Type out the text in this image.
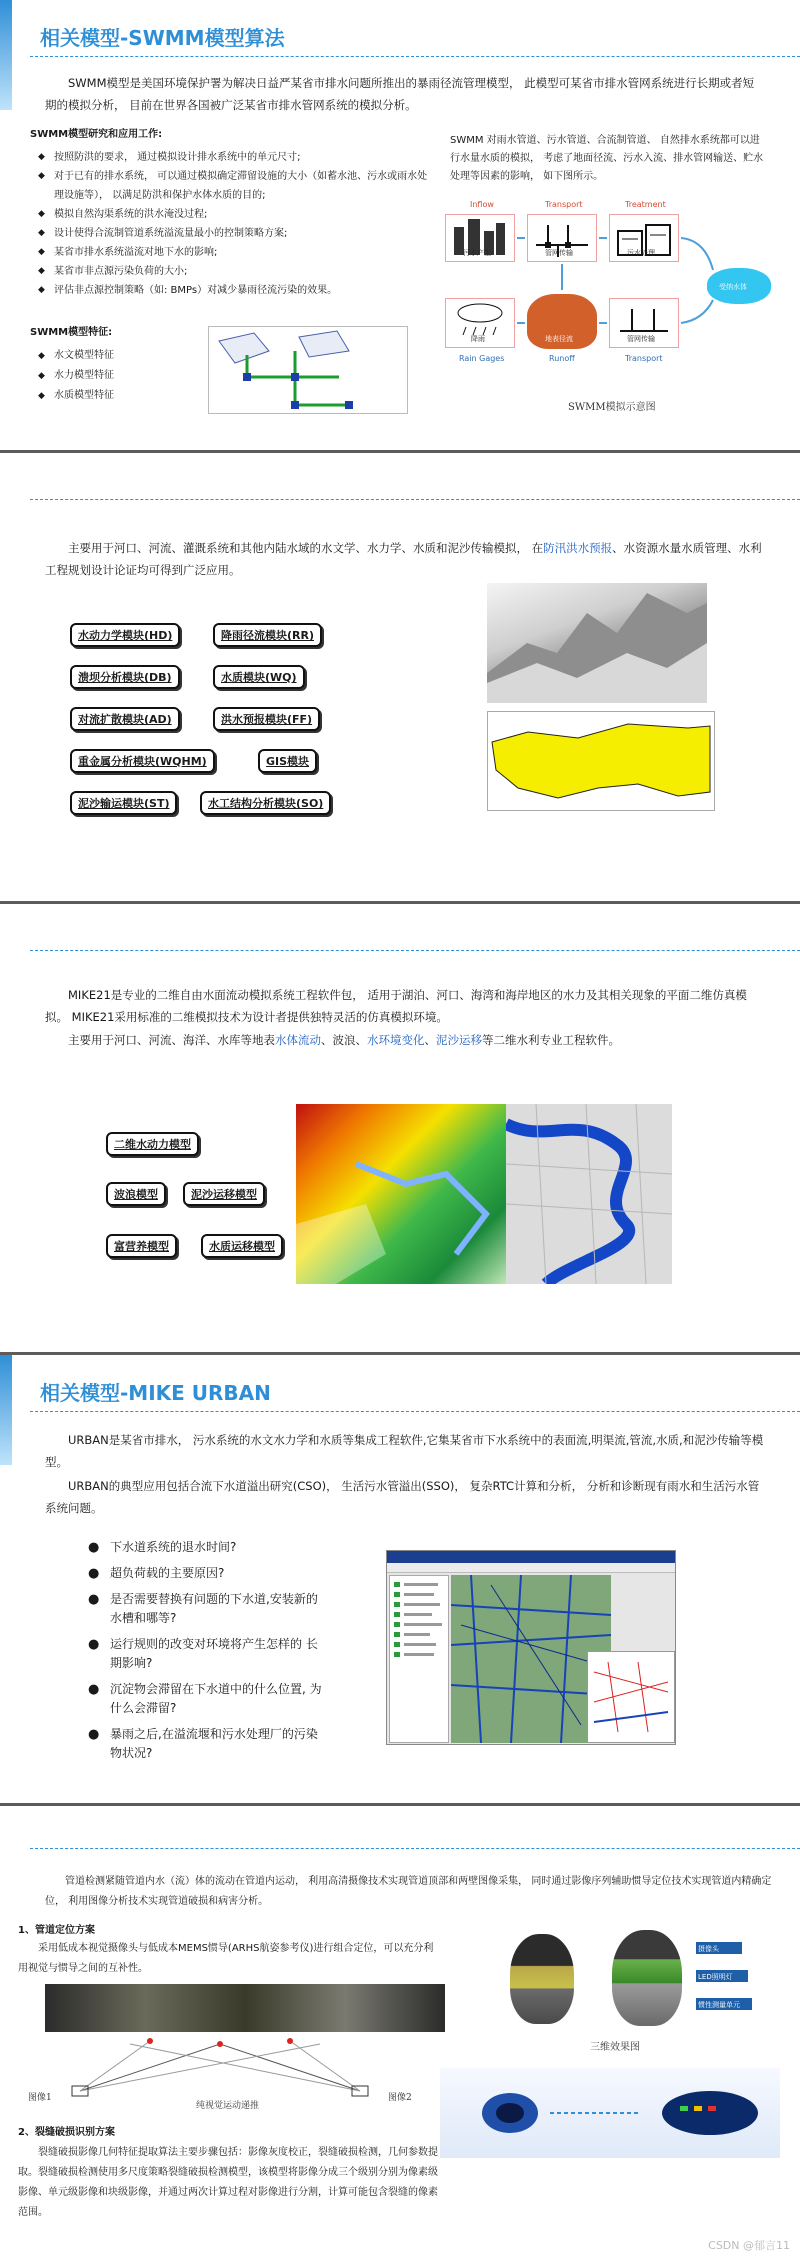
相关模型-SWMM模型算法
SWMM模型是美国环境保护署为解决日益严某省市排水问题所推出的暴雨径流管理模型， 此模型可某省市排水管网系统进行长期或者短期的模拟分析， 目前在世界各国被广泛某省市排水管网系统的模拟分析。
SWMM模型研究和应用工作:
◆ 按照防洪的要求， 通过模拟设计排水系统中的单元尺寸;
◆ 对于已有的排水系统， 可以通过模拟确定滞留设施的大小（如蓄水池、污水或雨水处理设施等）， 以满足防洪和保护水体水质的目的;
◆ 模拟自然沟渠系统的洪水淹没过程;
◆ 设计使得合流制管道系统溢流量最小的控制策略方案;
◆ 某省市排水系统溢流对地下水的影响;
◆ 某省市非点源污染负荷的大小;
◆ 评估非点源控制策略（如: BMPs）对减少暴雨径流污染的效果。
SWMM模型特征:
◆ 水文模型特征
◆ 水力模型特征
◆ 水质模型特征
SWMM 对雨水管道、污水管道、合流制管道、 自然排水系统都可以进行水量水质的模拟， 考虑了地面径流、污水入流、排水管网输送、贮水处理等因素的影响， 如下图所示。
Inflow	Transport	Treatment
污水产生	管网传输	污水处理
降雨	地表径流	管网传输
Rain Gages	Runoff	Transport
受纳水体
SWMM模拟示意图
主要用于河口、河流、灌溉系统和其他内陆水域的水文学、水力学、水质和泥沙传输模拟， 在防汛洪水预报、水资源水量水质管理、水利工程规划设计论证均可得到广泛应用。
水动力学模块(HD)	降雨径流模块(RR)
溃坝分析模块(DB)	水质模块(WQ)
对流扩散模块(AD)	洪水预报模块(FF)
重金属分析模块(WQHM)	GIS模块
泥沙输运模块(ST)	水工结构分析模块(SO)
MIKE21是专业的二维自由水面流动模拟系统工程软件包， 适用于湖泊、河口、海湾和海岸地区的水力及其相关现象的平面二维仿真模拟。 MIKE21采用标准的二维模拟技术为设计者提供独特灵活的仿真模拟环境。
主要用于河口、河流、海洋、水库等地表水体流动、波浪、水环境变化、泥沙运移等二维水利专业工程软件。
二维水动力模型
波浪模型	泥沙运移模型
富营养模型	水质运移模型
相关模型-MIKE URBAN
URBAN是某省市排水， 污水系统的水文水力学和水质等集成工程软件,它集某省市下水系统中的表面流,明渠流,管流,水质,和泥沙传输等模型。
URBAN的典型应用包括合流下水道溢出研究(CSO)， 生活污水管溢出(SSO)， 复杂RTC计算和分析， 分析和诊断现有雨水和生活污水管系统问题。
● 下水道系统的退水时间?
● 超负荷载的主要原因?
● 是否需要替换有问题的下水道,安装新的水槽和哪等?
● 运行规则的改变对环境将产生怎样的 长期影响?
● 沉淀物会滞留在下水道中的什么位置, 为什么会滞留?
● 暴雨之后,在溢流堰和污水处理厂的污染物状况?
管道检测紧随管道内水（流）体的流动在管道内运动， 利用高清摄像技术实现管道顶部和两壁图像采集， 同时通过影像序列辅助惯导定位技术实现管道内精确定位， 利用图像分析技术实现管道破损和病害分析。
1、管道定位方案
采用低成本视觉摄像头与低成本MEMS惯导(ARHS航姿参考仪)进行组合定位，可以充分利用视觉与惯导之间的互补性。
图像1	图像2
纯视觉运动递推
摄像头
LED照明灯
惯性测量单元
三维效果图
2、裂缝破损识别方案
裂缝破损影像几何特征提取算法主要步骤包括：影像灰度校正，裂缝破损检测，几何参数提取。裂缝破损检测使用多尺度策略裂缝破损检测模型，该模型将影像分成三个级别分别为像素级影像、单元级影像和块级影像，并通过两次计算过程对影像进行分割，计算可能包含裂缝的像素范围。
CSDN @郁言11
